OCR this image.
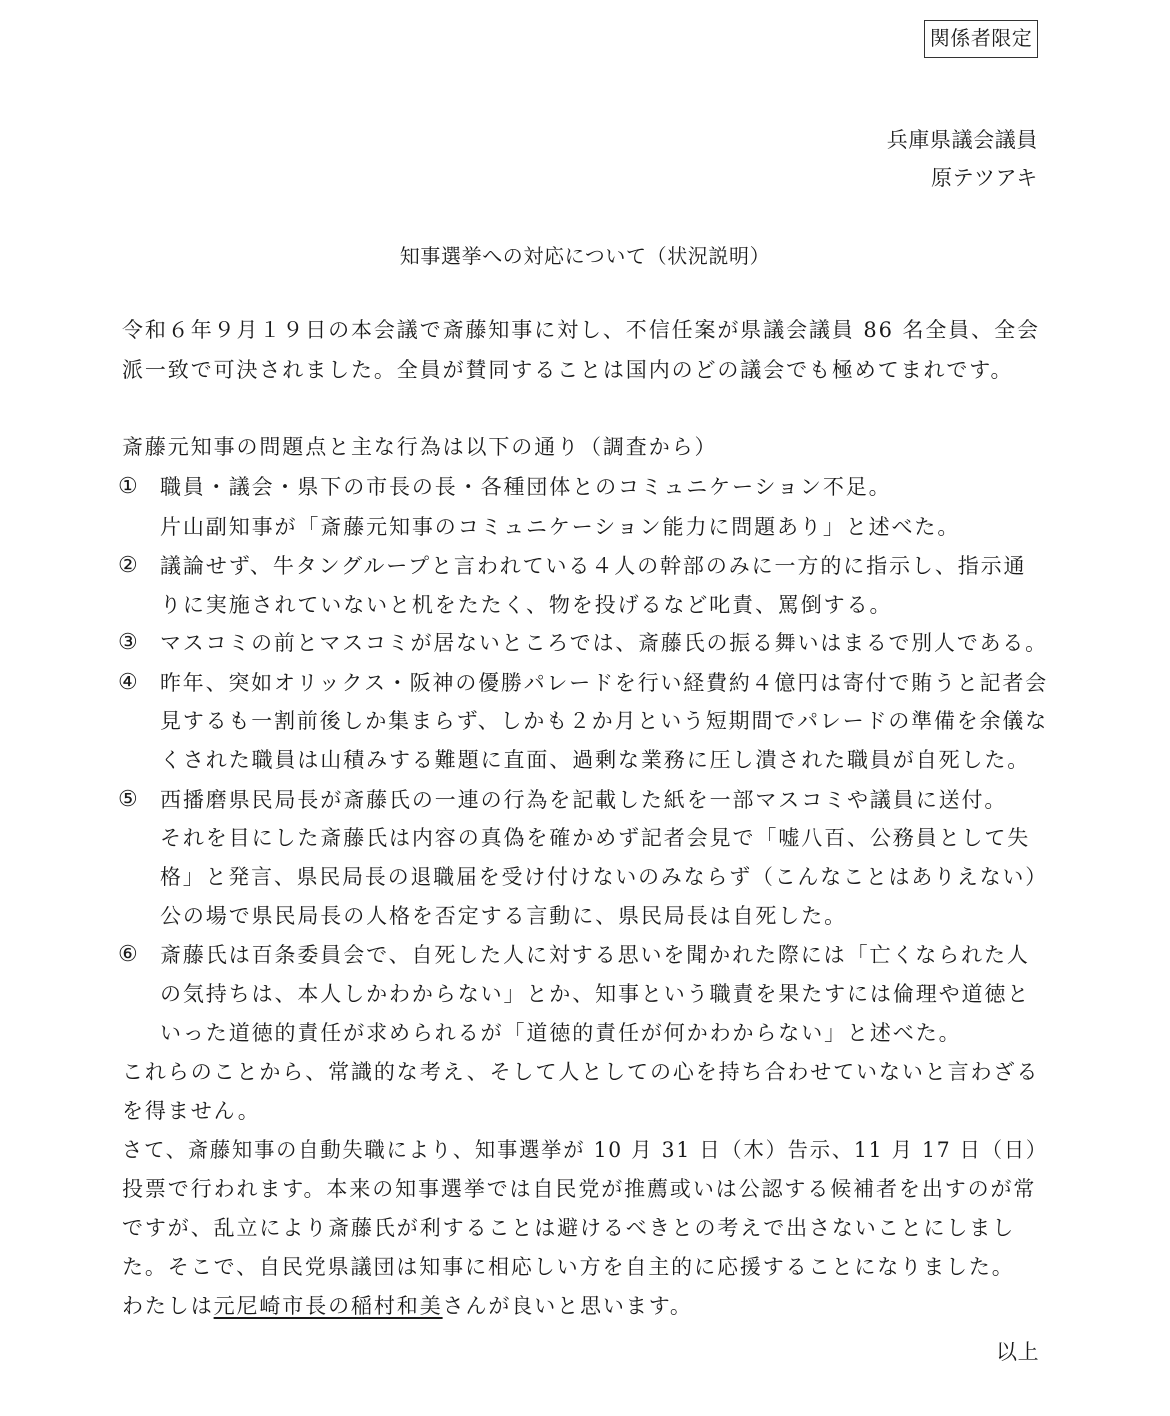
関係者限定
兵庫県議会議員
原テツアキ
知事選挙への対応について（状況説明）
令和６年９月１９日の本会議で斎藤知事に対し、不信任案が県議会議員 86 名全員、全会
派一致で可決されました。全員が賛同することは国内のどの議会でも極めてまれです。
斎藤元知事の問題点と主な行為は以下の通り（調査から）
① 職員・議会・県下の市長の長・各種団体とのコミュニケーション不足。
片山副知事が「斎藤元知事のコミュニケーション能力に問題あり」と述べた。
② 議論せず、牛タングループと言われている４人の幹部のみに一方的に指示し、指示通
りに実施されていないと机をたたく、物を投げるなど叱責、罵倒する。
③ マスコミの前とマスコミが居ないところでは、斎藤氏の振る舞いはまるで別人である。
④ 昨年、突如オリックス・阪神の優勝パレードを行い経費約４億円は寄付で賄うと記者会
見するも一割前後しか集まらず、しかも２か月という短期間でパレードの準備を余儀な
くされた職員は山積みする難題に直面、過剰な業務に圧し潰された職員が自死した。
⑤ 西播磨県民局長が斎藤氏の一連の行為を記載した紙を一部マスコミや議員に送付。
それを目にした斎藤氏は内容の真偽を確かめず記者会見で「嘘八百、公務員として失
格」と発言、県民局長の退職届を受け付けないのみならず（こんなことはありえない）
公の場で県民局長の人格を否定する言動に、県民局長は自死した。
⑥ 斎藤氏は百条委員会で、自死した人に対する思いを聞かれた際には「亡くなられた人
の気持ちは、本人しかわからない」とか、知事という職責を果たすには倫理や道徳と
いった道徳的責任が求められるが「道徳的責任が何かわからない」と述べた。
これらのことから、常識的な考え、そして人としての心を持ち合わせていないと言わざる
を得ません。
さて、斎藤知事の自動失職により、知事選挙が 10 月 31 日（木）告示、11 月 17 日（日）
投票で行われます。本来の知事選挙では自民党が推薦或いは公認する候補者を出すのが常
ですが、乱立により斎藤氏が利することは避けるべきとの考えで出さないことにしまし
た。そこで、自民党県議団は知事に相応しい方を自主的に応援することになりました。
わたしは元尼崎市長の稲村和美さんが良いと思います。
以上
